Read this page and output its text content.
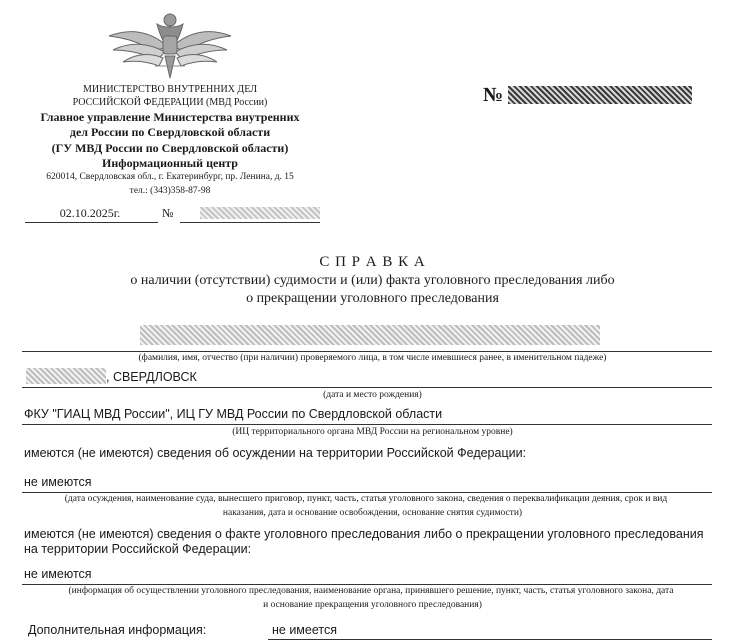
МИНИСТЕРСТВО ВНУТРЕННИХ ДЕЛ
РОССИЙСКОЙ ФЕДЕРАЦИИ (МВД России)
Главное управление Министерства внутренних
дел России по Свердловской области
(ГУ МВД России по Свердловской области)
Информационный центр
620014, Свердловская обл., г. Екатеринбург, пр. Ленина, д. 15
тел.: (343)358-87-98
02.10.2025г.	№
№
С П Р А В К А
о наличии (отсутствии) судимости и (или) факта уголовного преследования либо
о прекращении уголовного преследования
(фамилия, имя, отчество (при наличии) проверяемого лица, в том числе имевшиеся ранее, в именительном падеже)
, СВЕРДЛОВСК
(дата и место рождения)
ФКУ "ГИАЦ МВД России", ИЦ ГУ МВД России по Свердловской области
(ИЦ территориального органа МВД России на региональном уровне)
имеются (не имеются) сведения об осуждении на территории Российской Федерации:
не имеются
(дата осуждения, наименование суда, вынесшего приговор, пункт, часть, статья уголовного закона, сведения о переквалификации деяния, срок и вид
наказания, дата и основание освобождения, основание снятия судимости)
имеются (не имеются) сведения о факте уголовного преследования либо о прекращении уголовного преследования
на территории Российской Федерации:
не имеются
(информация об осуществлении уголовного преследования, наименование органа, принявшего решение, пункт, часть, статья уголовного закона, дата
и основание прекращения уголовного преследования)
Дополнительная информация:	не имеется
